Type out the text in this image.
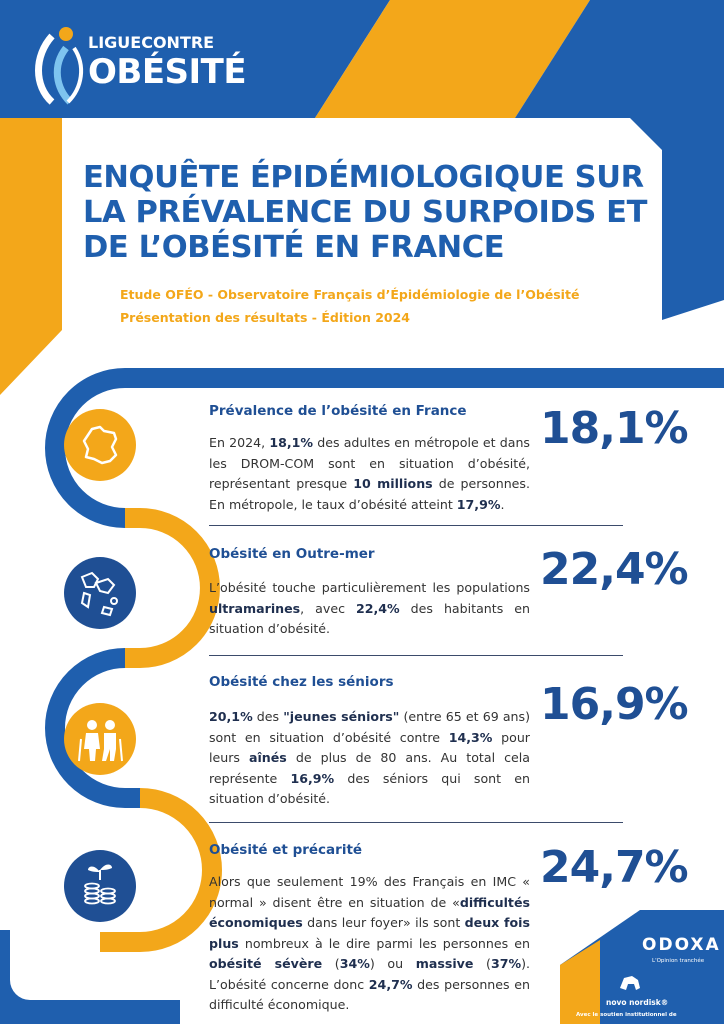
LIGUECONTRE
OBÉSITÉ
ENQUÊTE ÉPIDÉMIOLOGIQUE SUR LA PRÉVALENCE DU SURPOIDS ET DE L’OBÉSITÉ EN FRANCE
Etude OFÉO - Observatoire Français d’Épidémiologie de l’Obésité
Présentation des résultats - Édition 2024
Prévalence de l’obésité en France

En 2024, 18,1% des adultes en métropole et dans les DROM-COM sont en situation d’obésité, représentant presque 10 millions de personnes. En métropole, le taux d’obésité atteint 17,9%.

18,1%
Obésité en Outre-mer

L’obésité touche particulièrement les populations ultramarines, avec 22,4% des habitants en situation d’obésité.

22,4%
Obésité chez les séniors

20,1% des "jeunes séniors" (entre 65 et 69 ans) sont en situation d’obésité contre 14,3% pour leurs aînés de plus de 80 ans. Au total cela représente 16,9% des séniors qui sont en situation d’obésité.

16,9%
Obésité et précarité

Alors que seulement 19% des Français en IMC « normal » disent être en situation de «difficultés économiques dans leur foyer» ils sont deux fois plus nombreux à le dire parmi les personnes en obésité sévère (34%) ou massive (37%). L’obésité concerne donc 24,7% des personnes en difficulté économique.

24,7%
ODOXA
L'Opinion tranchée
novo nordisk®
Avec le soutien institutionnel de
